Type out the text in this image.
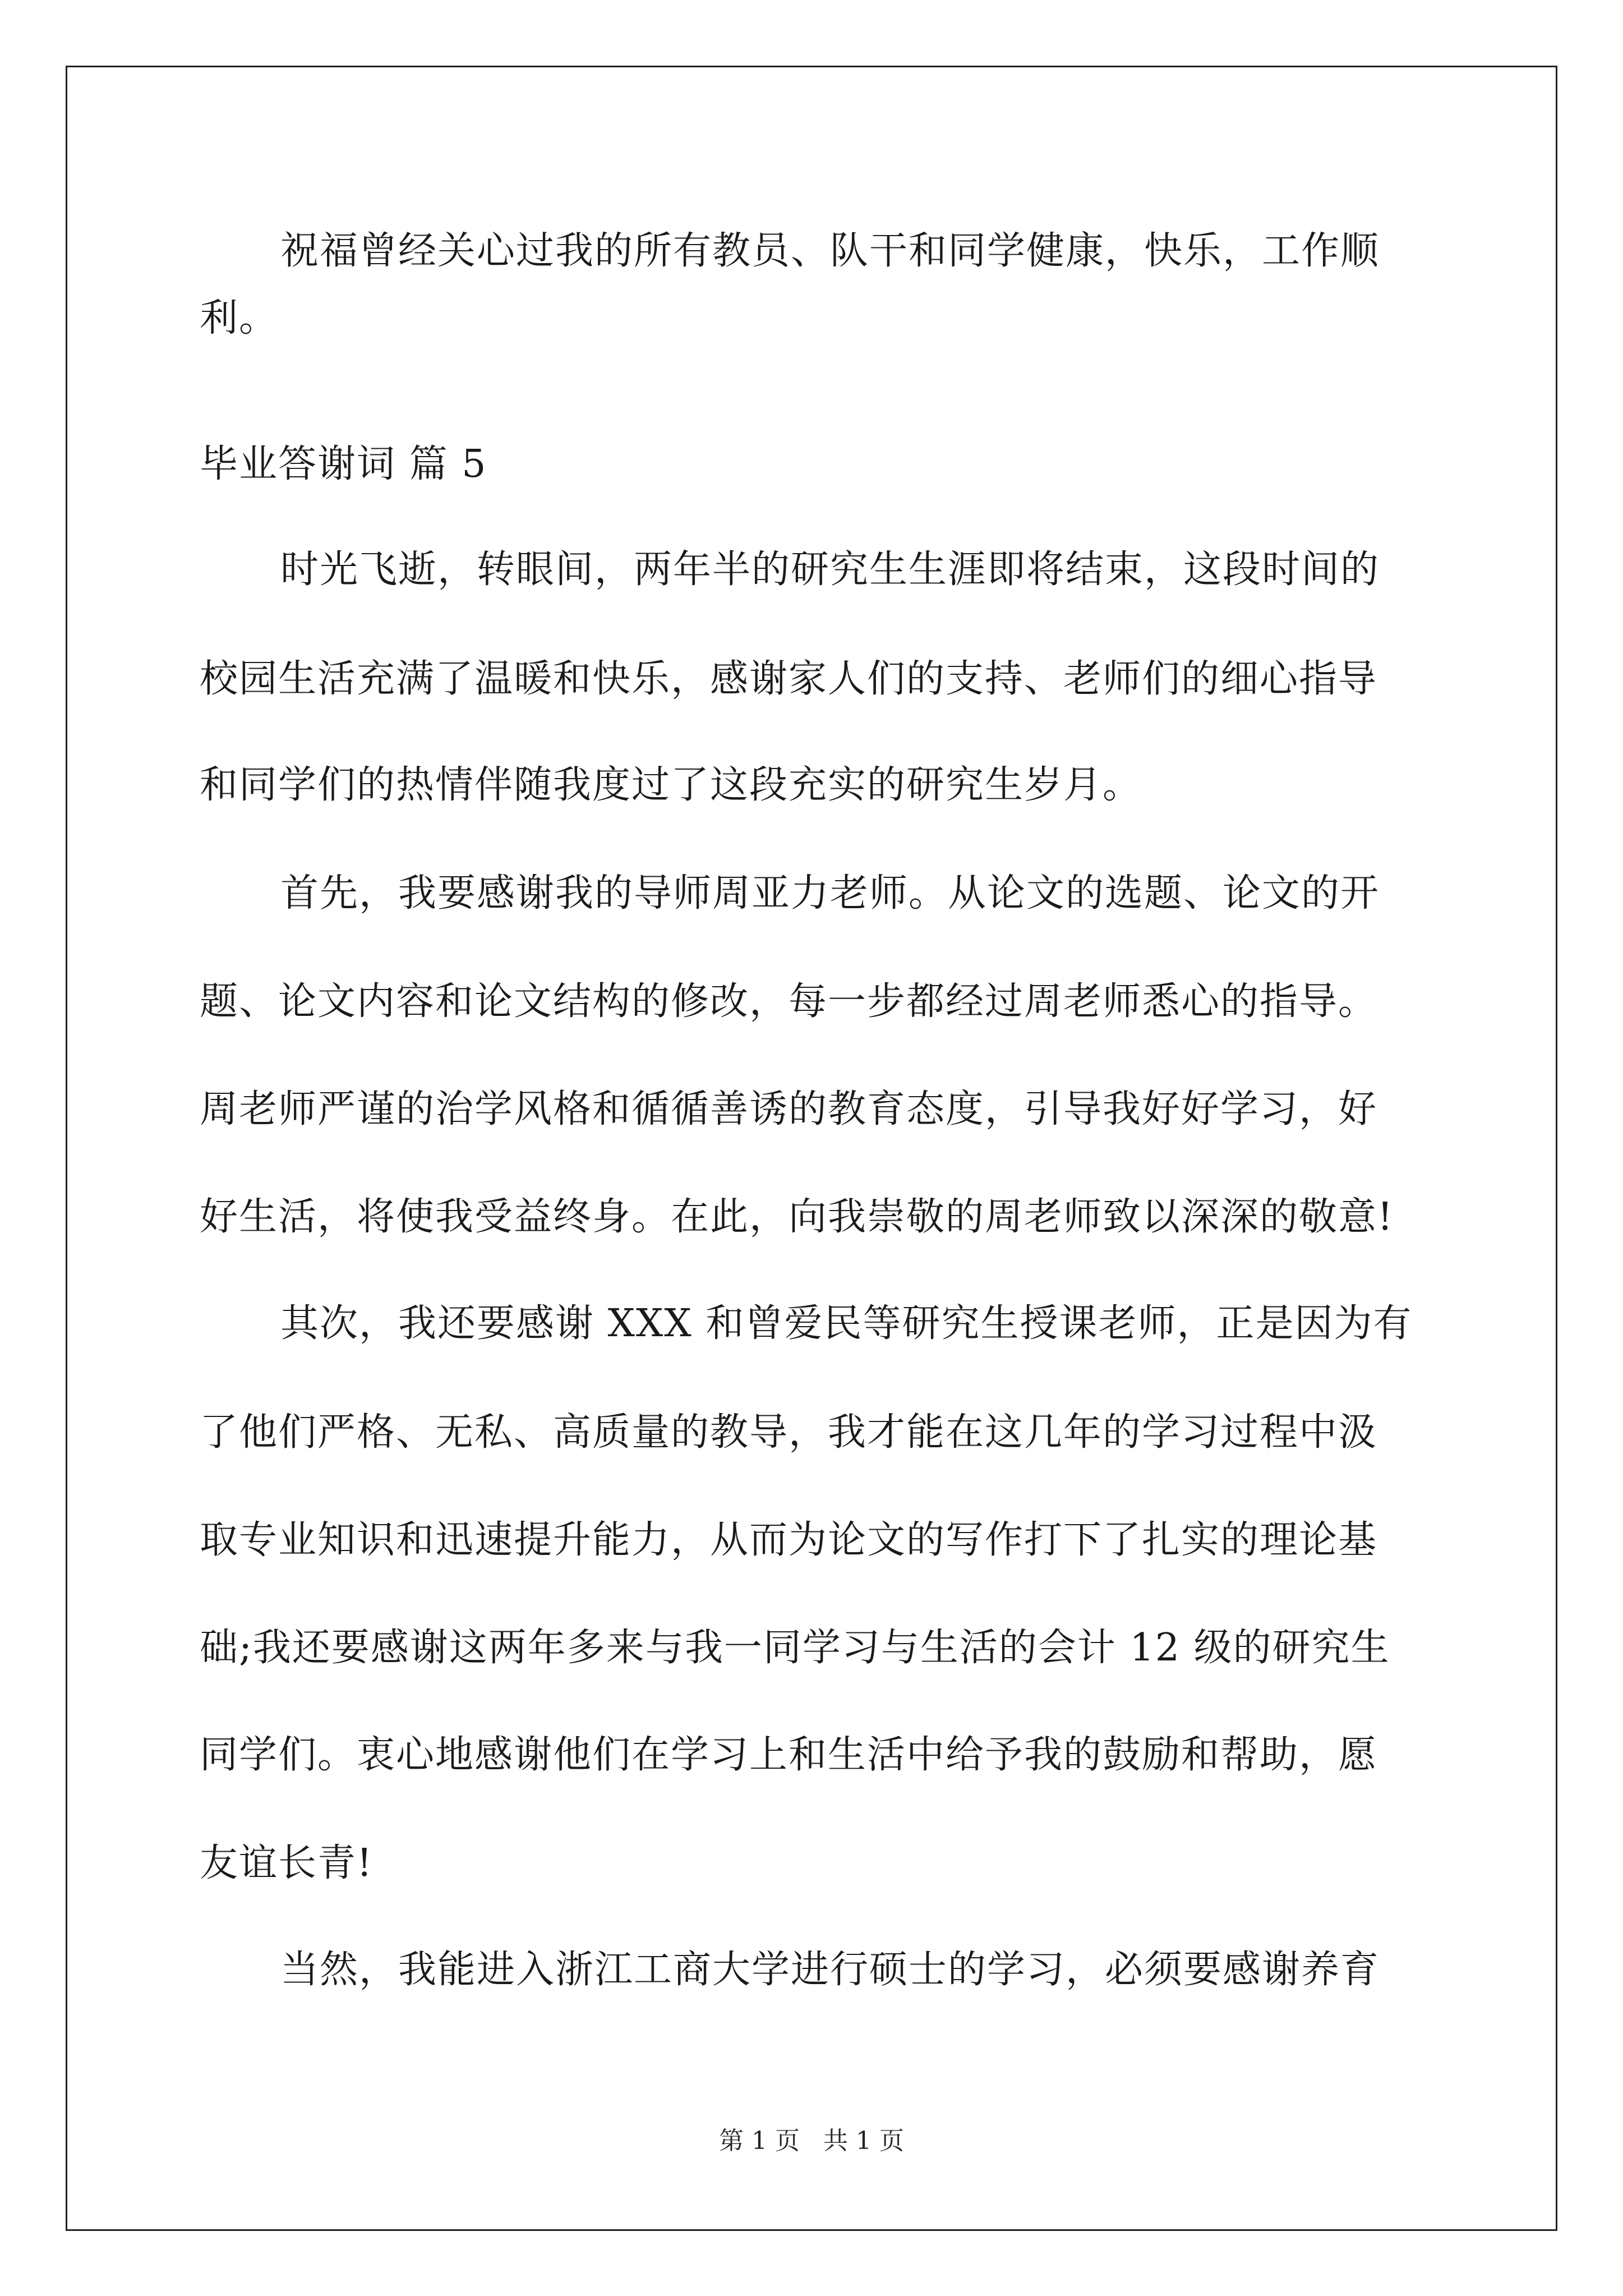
祝福曾经关心过我的所有教员、队干和同学健康，快乐，工作顺
利。
毕业答谢词 篇 5
时光飞逝，转眼间，两年半的研究生生涯即将结束，这段时间的
校园生活充满了温暖和快乐，感谢家人们的支持、老师们的细心指导
和同学们的热情伴随我度过了这段充实的研究生岁月。
首先，我要感谢我的导师周亚力老师。从论文的选题、论文的开
题、论文内容和论文结构的修改，每一步都经过周老师悉心的指导。
周老师严谨的治学风格和循循善诱的教育态度，引导我好好学习，好
好生活，将使我受益终身。在此，向我崇敬的周老师致以深深的敬意!
其次，我还要感谢 XXX 和曾爱民等研究生授课老师，正是因为有
了他们严格、无私、高质量的教导，我才能在这几年的学习过程中汲
取专业知识和迅速提升能力，从而为论文的写作打下了扎实的理论基
础;我还要感谢这两年多来与我一同学习与生活的会计 12 级的研究生
同学们。衷心地感谢他们在学习上和生活中给予我的鼓励和帮助，愿
友谊长青!
当然，我能进入浙江工商大学进行硕士的学习，必须要感谢养育
第 1 页   共 1 页
